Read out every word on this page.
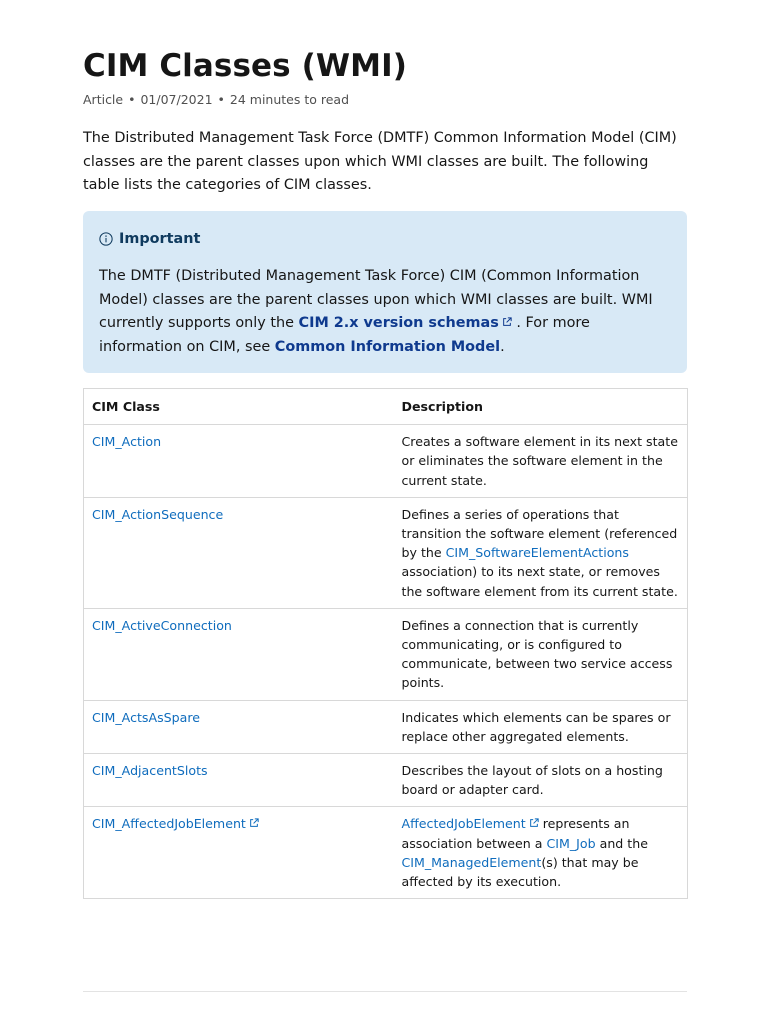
CIM Classes (WMI)
Article • 01/07/2021 • 24 minutes to read

The Distributed Management Task Force (DMTF) Common Information Model (CIM) classes are the parent classes upon which WMI classes are built. The following table lists the categories of CIM classes.

Important

The DMTF (Distributed Management Task Force) CIM (Common Information Model) classes are the parent classes upon which WMI classes are built. WMI currently supports only the CIM 2.x version schemas . For more information on CIM, see Common Information Model.

CIM Class	Description
CIM_Action	Creates a software element in its next state or eliminates the software element in the current state.
CIM_ActionSequence	Defines a series of operations that transition the software element (referenced by the CIM_SoftwareElementActions association) to its next state, or removes the software element from its current state.
CIM_ActiveConnection	Defines a connection that is currently communicating, or is configured to communicate, between two service access points.
CIM_ActsAsSpare	Indicates which elements can be spares or replace other aggregated elements.
CIM_AdjacentSlots	Describes the layout of slots on a hosting board or adapter card.
CIM_AffectedJobElement	AffectedJobElement represents an association between a CIM_Job and the CIM_ManagedElement(s) that may be affected by its execution.
